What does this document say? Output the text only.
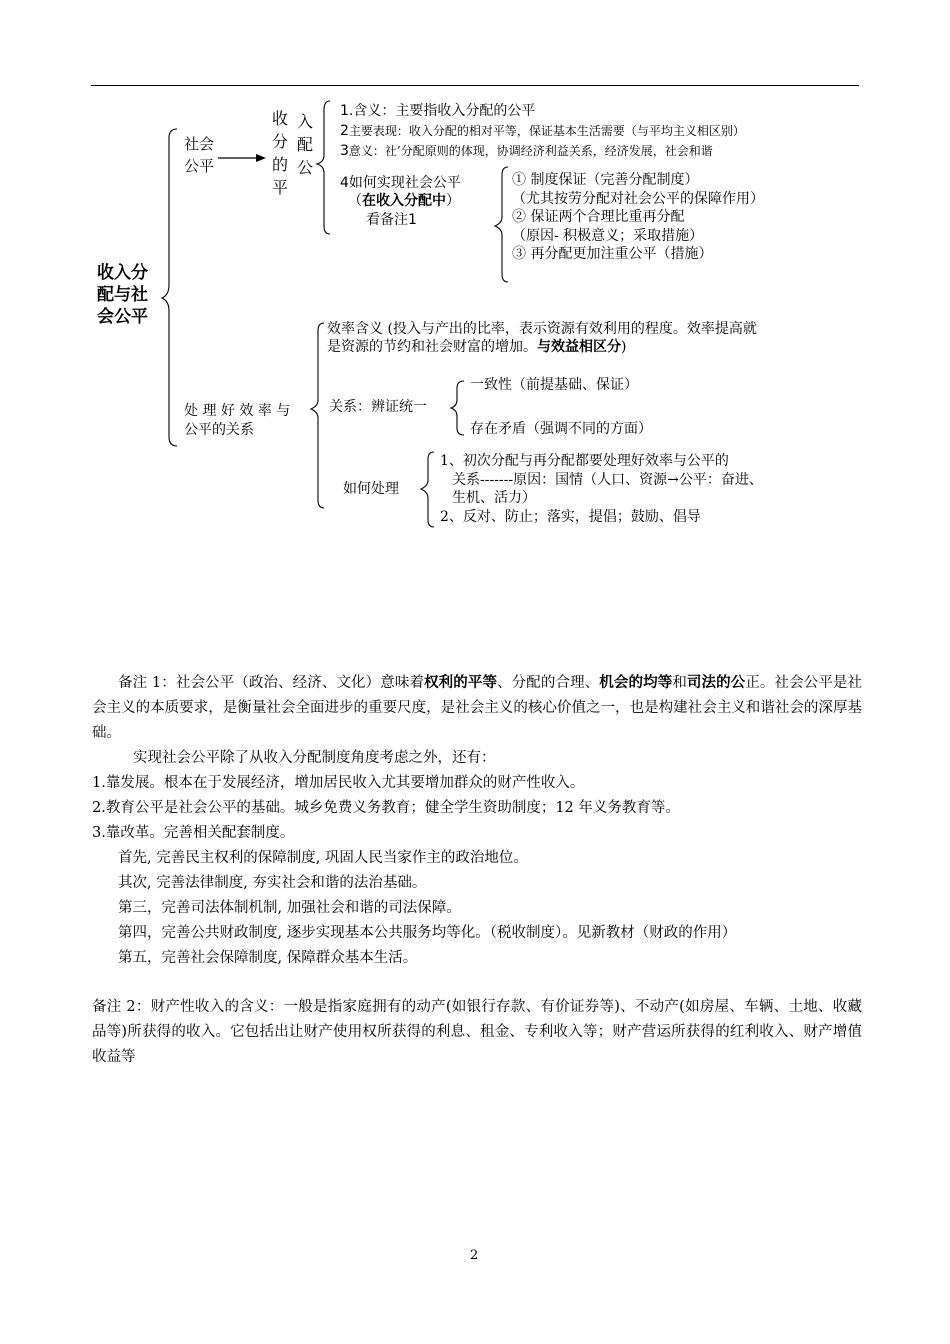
收入分
配与社
会公平
社会
公平
收
分
的
平
入
配
公
1.含义：主要指收入分配的公平
2主要表现：收入分配的相对平等，保证基本生活需要（与平均主义相区别）
3意义：社’分配原则的体现，协调经济利益关系，经济发展，社会和谐
4如何实现社会公平
（在收入分配中）
看备注1
① 制度保证（完善分配制度）
（尤其按劳分配对社会公平的保障作用）
② 保证两个合理比重再分配
（原因- 积极意义；采取措施）
③ 再分配更加注重公平（措施）
处 理 好 效 率 与
公平的关系
效率含义 (投入与产出的比率，表示资源有效利用的程度。效率提高就
是资源的节约和社会财富的增加。与效益相区分)
关系：辨证统一
一致性（前提基础、保证）
存在矛盾（强调不同的方面）
如何处理
1、初次分配与再分配都要处理好效率与公平的
关系-------原因：国情（人口、资源→公平：奋进、
生机、活力）
2、反对、防止；落实，提倡；鼓励、倡导

备注 1：社会公平（政治、经济、文化）意味着权利的平等、分配的合理、机会的均等和司法的公正。社会公平是社会主义的本质要求，是衡量社会全面进步的重要尺度，是社会主义的核心价值之一，也是构建社会主义和谐社会的深厚基础。

实现社会公平除了从收入分配制度角度考虑之外，还有：

1.靠发展。根本在于发展经济，增加居民收入尤其要增加群众的财产性收入。

2.教育公平是社会公平的基础。城乡免费义务教育；健全学生资助制度；12 年义务教育等。

3.靠改革。完善相关配套制度。

首先, 完善民主权利的保障制度, 巩固人民当家作主的政治地位。

其次, 完善法律制度, 夯实社会和谐的法治基础。

第三，完善司法体制机制, 加强社会和谐的司法保障。

第四，完善公共财政制度, 逐步实现基本公共服务均等化。（税收制度）。见新教材（财政的作用）

第五，完善社会保障制度, 保障群众基本生活。

备注 2：财产性收入的含义：一般是指家庭拥有的动产(如银行存款、有价证券等)、不动产(如房屋、车辆、土地、收藏品等)所获得的收入。它包括出让财产使用权所获得的利息、租金、专利收入等；财产营运所获得的红利收入、财产增值收益等
2
